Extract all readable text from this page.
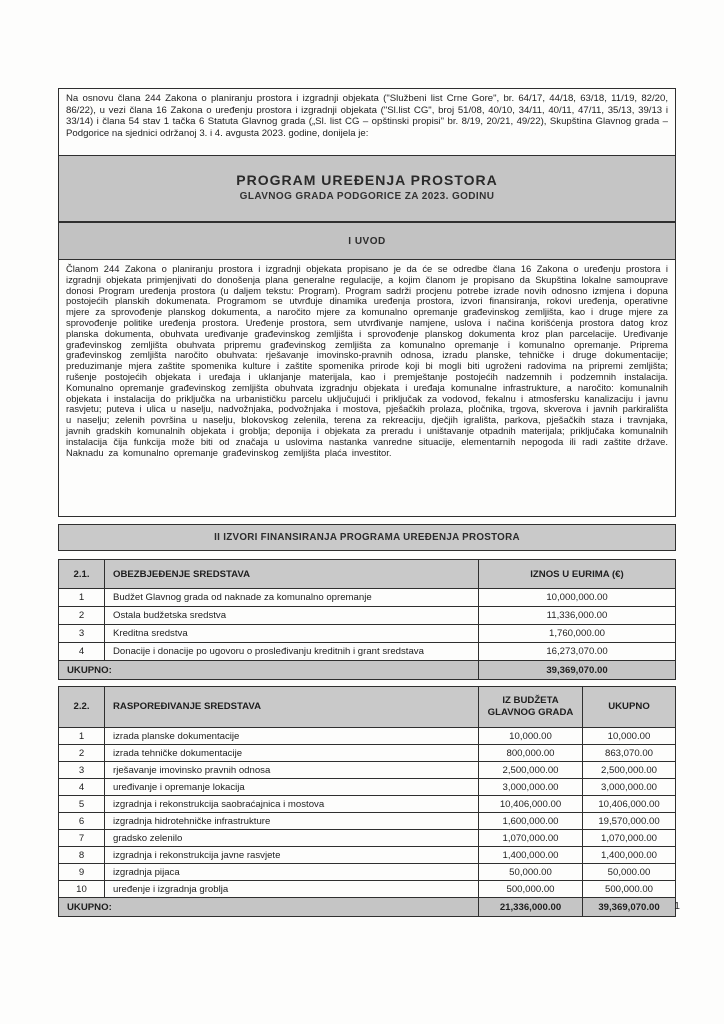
Na osnovu člana 244 Zakona o planiranju prostora i izgradnji objekata ("Službeni list Crne Gore", br. 64/17, 44/18, 63/18, 11/19, 82/20, 86/22), u vezi člana 16 Zakona o uređenju prostora i izgradnji objekata ("Sl.list CG", broj 51/08, 40/10, 34/11, 40/11, 47/11, 35/13, 39/13 i 33/14) i člana 54 stav 1 tačka 6 Statuta Glavnog grada („Sl. list CG – opštinski propisi" br. 8/19, 20/21, 49/22), Skupština Glavnog grada – Podgorice na sjednici održanoj 3. i 4. avgusta 2023. godine, donijela je:
PROGRAM UREĐENJA PROSTORA
GLAVNOG GRADA PODGORICE ZA 2023. GODINU
I UVOD
Članom 244 Zakona o planiranju prostora i izgradnji objekata propisano je da će se odredbe člana 16 Zakona o uređenju prostora i izgradnji objekata primjenjivati do donošenja plana generalne regulacije, a kojim članom je propisano da Skupština lokalne samouprave donosi Program uređenja prostora (u daljem tekstu: Program). Program sadrži procjenu potrebe izrade novih odnosno izmjena i dopuna postojećih planskih dokumenata. Programom se utvrđuje dinamika uređenja prostora, izvori finansiranja, rokovi uređenja, operativne mjere za sprovođenje planskog dokumenta, a naročito mjere za komunalno opremanje građevinskog zemljišta, kao i druge mjere za sprovođenje politike uređenja prostora. Uređenje prostora, sem utvrđivanje namjene, uslova i načina korišćenja prostora datog kroz planska dokumenta, obuhvata uređivanje građevinskog zemljišta i sprovođenje planskog dokumenta kroz plan parcelacije. Uređivanje građevinskog zemljišta obuhvata pripremu građevinskog zemljišta za komunalno opremanje i komunalno opremanje. Priprema građevinskog zemljišta naročito obuhvata: rješavanje imovinsko-pravnih odnosa, izradu planske, tehničke i druge dokumentacije; preduzimanje mjera zaštite spomenika kulture i zaštite spomenika prirode koji bi mogli biti ugroženi radovima na pripremi zemljišta; rušenje postojećih objekata i uređaja i uklanjanje materijala, kao i premještanje postojećih nadzemnih i podzemnih instalacija. Komunalno opremanje građevinskog zemljišta obuhvata izgradnju objekata i uređaja komunalne infrastrukture, a naročito: komunalnih objekata i instalacija do priključka na urbanističku parcelu uključujući i priključak za vodovod, fekalnu i atmosfersku kanalizaciju i javnu rasvjetu; puteva i ulica u naselju, nadvožnjaka, podvožnjaka i mostova, pješačkih prolaza, pločnika, trgova, skverova i javnih parkirališta u naselju; zelenih površina u naselju, blokovskog zelenila, terena za rekreaciju, dječjih igrališta, parkova, pješačkih staza i travnjaka, javnih gradskih komunalnih objekata i groblja; deponija i objekata za preradu i uništavanje otpadnih materijala; priključaka komunalnih instalacija čija funkcija može biti od značaja u uslovima nastanka vanredne situacije, elementarnih nepogoda ili radi zaštite države. Naknadu za komunalno opremanje građevinskog zemljišta plaća investitor.
II IZVORI FINANSIRANJA PROGRAMA UREĐENJA PROSTORA
2.1.	OBEZBJEĐENJE SREDSTAVA	IZNOS U EURIMA (€)
1	Budžet Glavnog grada od naknade za komunalno opremanje	10,000,000.00
2	Ostala budžetska sredstva	11,336,000.00
3	Kreditna sredstva	1,760,000.00
4	Donacije i donacije po ugovoru o prosleđivanju kreditnih i grant sredstava	16,273,070.00
UKUPNO:		39,369,070.00
2.2.	RASPOREĐIVANJE SREDSTAVA	IZ BUDŽETA GLAVNOG GRADA	UKUPNO
1	izrada planske dokumentacije	10,000.00	10,000.00
2	izrada tehničke dokumentacije	800,000.00	863,070.00
3	rješavanje imovinsko pravnih odnosa	2,500,000.00	2,500,000.00
4	uređivanje i opremanje lokacija	3,000,000.00	3,000,000.00
5	izgradnja i rekonstrukcija saobraćajnica i mostova	10,406,000.00	10,406,000.00
6	izgradnja hidrotehničke infrastrukture	1,600,000.00	19,570,000.00
7	gradsko zelenilo	1,070,000.00	1,070,000.00
8	izgradnja i rekonstrukcija javne rasvjete	1,400,000.00	1,400,000.00
9	izgradnja pijaca	50,000.00	50,000.00
10	uređenje i izgradnja groblja	500,000.00	500,000.00
UKUPNO:		21,336,000.00	39,369,070.00 1
